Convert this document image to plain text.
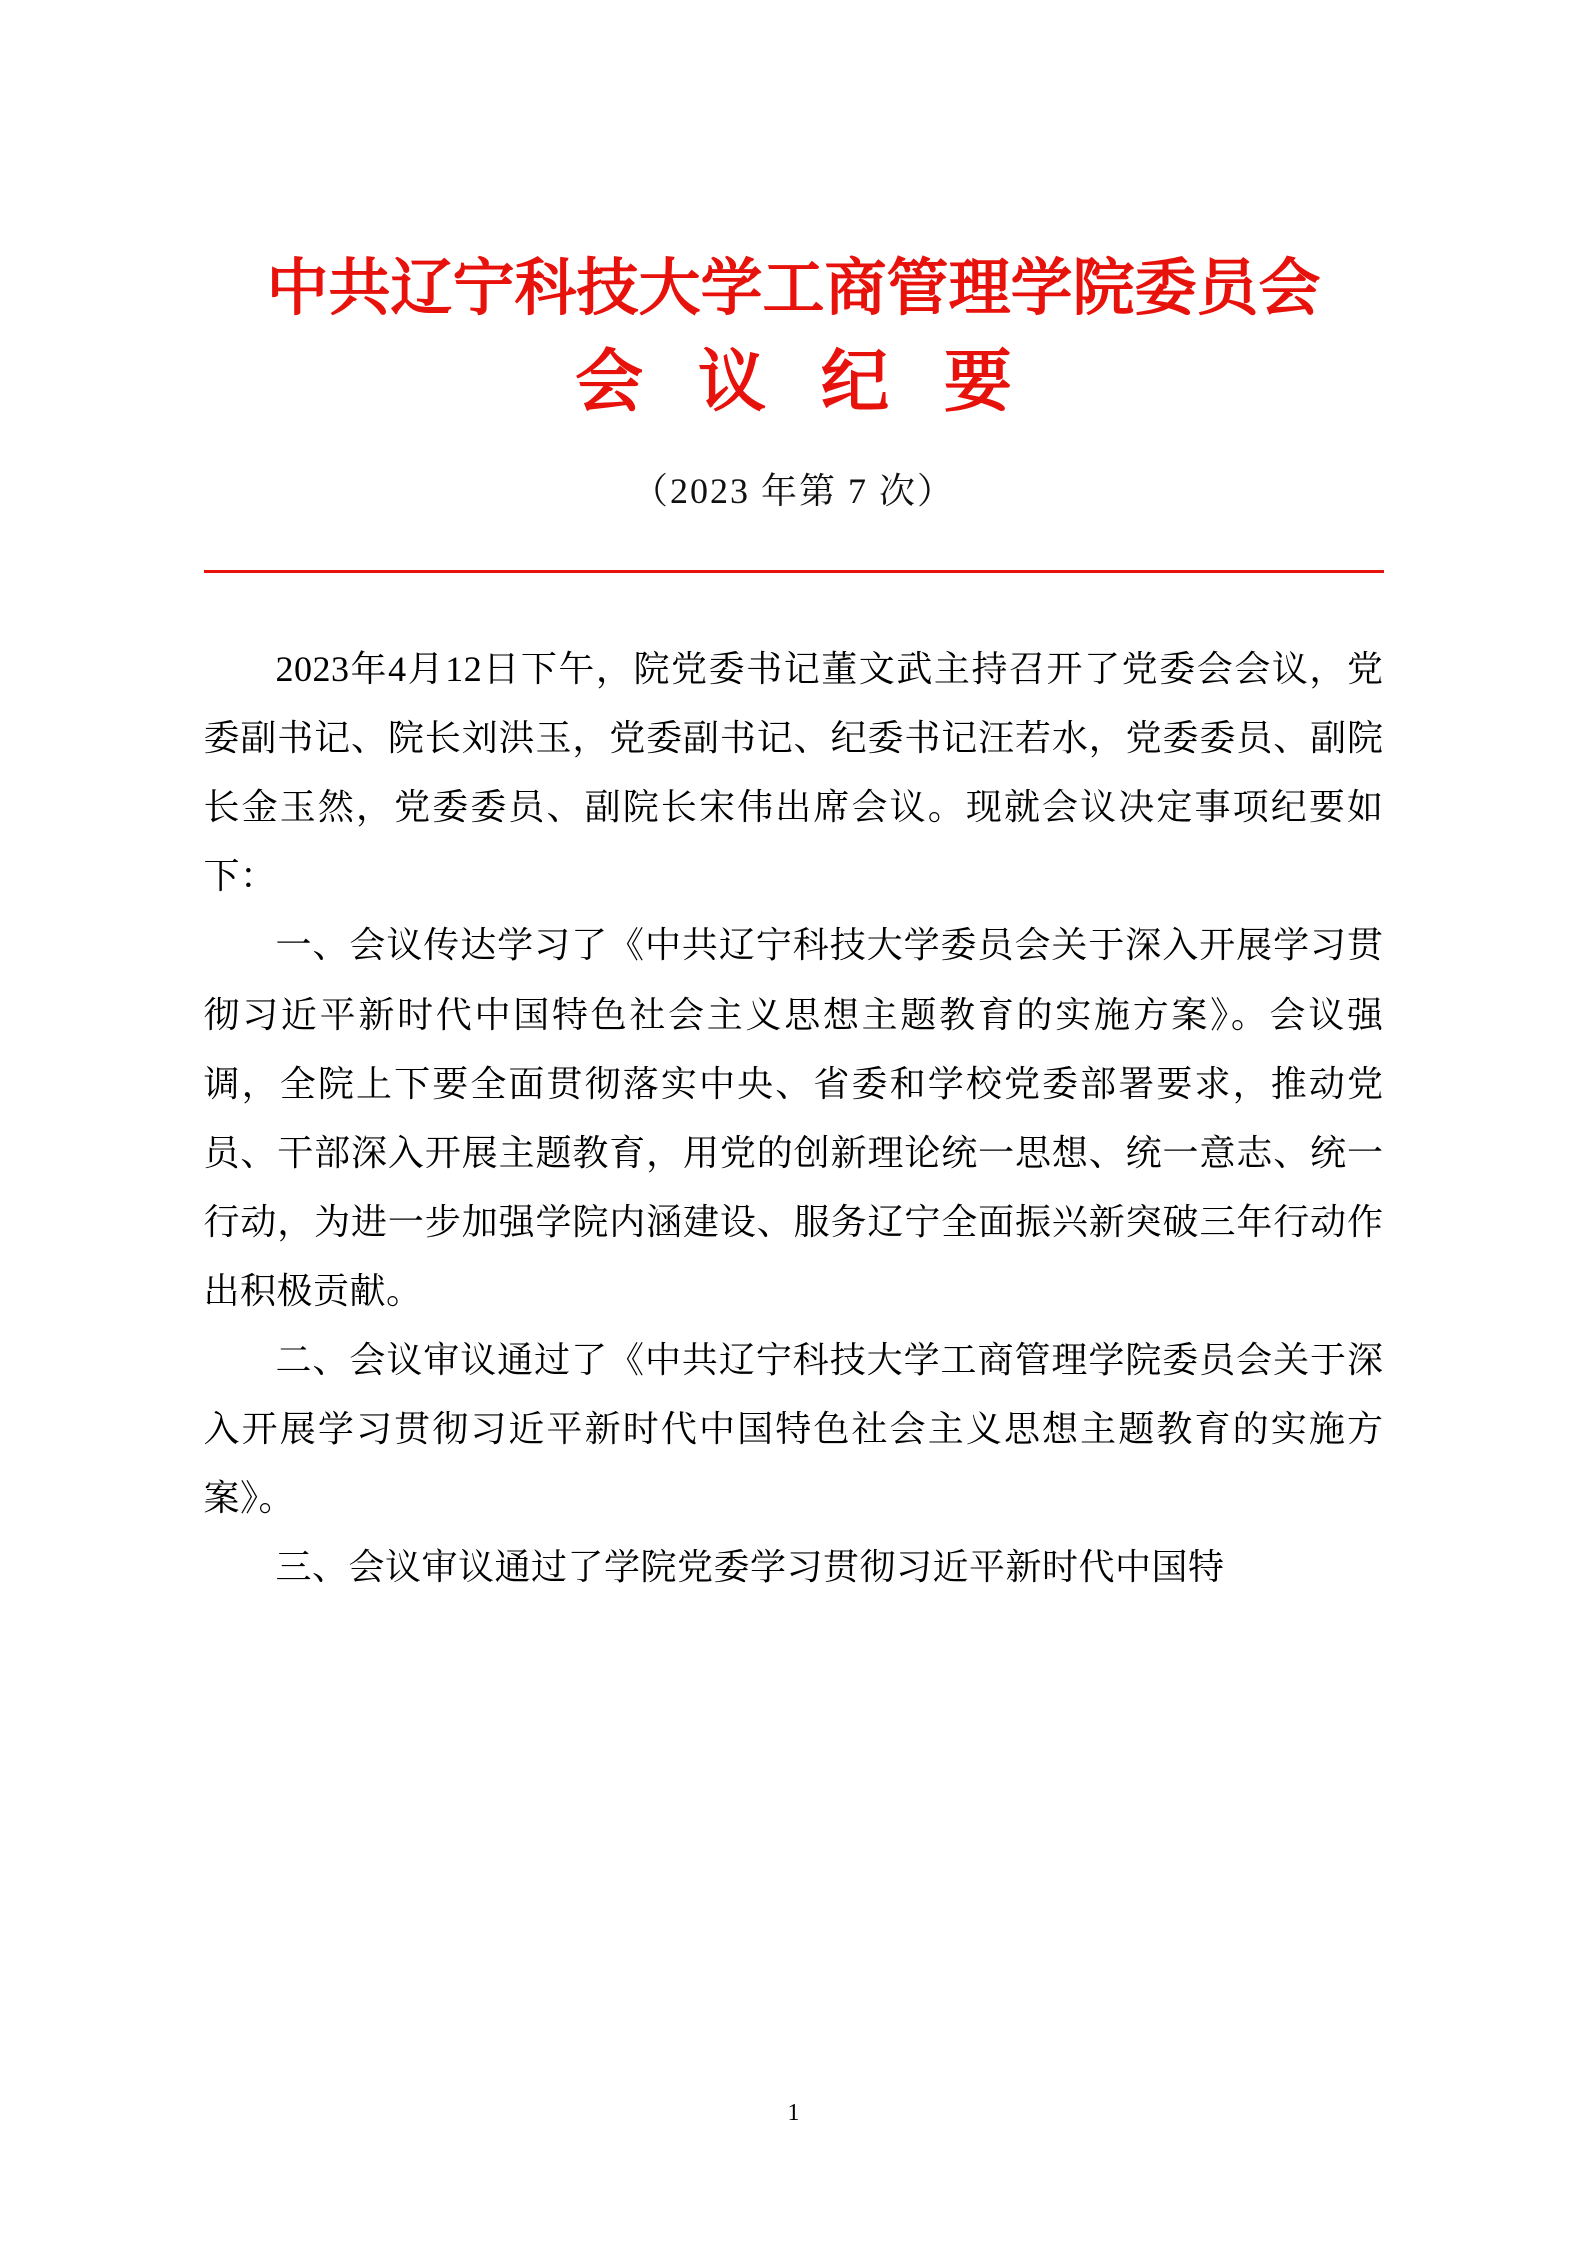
中共辽宁科技大学工商管理学院委员会
会 议 纪 要
（2023 年第 7 次）

2023年4月12日下午，院党委书记董文武主持召开了党委会会议，党委副书记、院长刘洪玉，党委副书记、纪委书记汪若水，党委委员、副院长金玉然，党委委员、副院长宋伟出席会议。现就会议决定事项纪要如下：

一、会议传达学习了《中共辽宁科技大学委员会关于深入开展学习贯彻习近平新时代中国特色社会主义思想主题教育的实施方案》。会议强调，全院上下要全面贯彻落实中央、省委和学校党委部署要求，推动党员、干部深入开展主题教育，用党的创新理论统一思想、统一意志、统一行动，为进一步加强学院内涵建设、服务辽宁全面振兴新突破三年行动作出积极贡献。

二、会议审议通过了《中共辽宁科技大学工商管理学院委员会关于深入开展学习贯彻习近平新时代中国特色社会主义思想主题教育的实施方案》。

三、会议审议通过了学院党委学习贯彻习近平新时代中国特

1
